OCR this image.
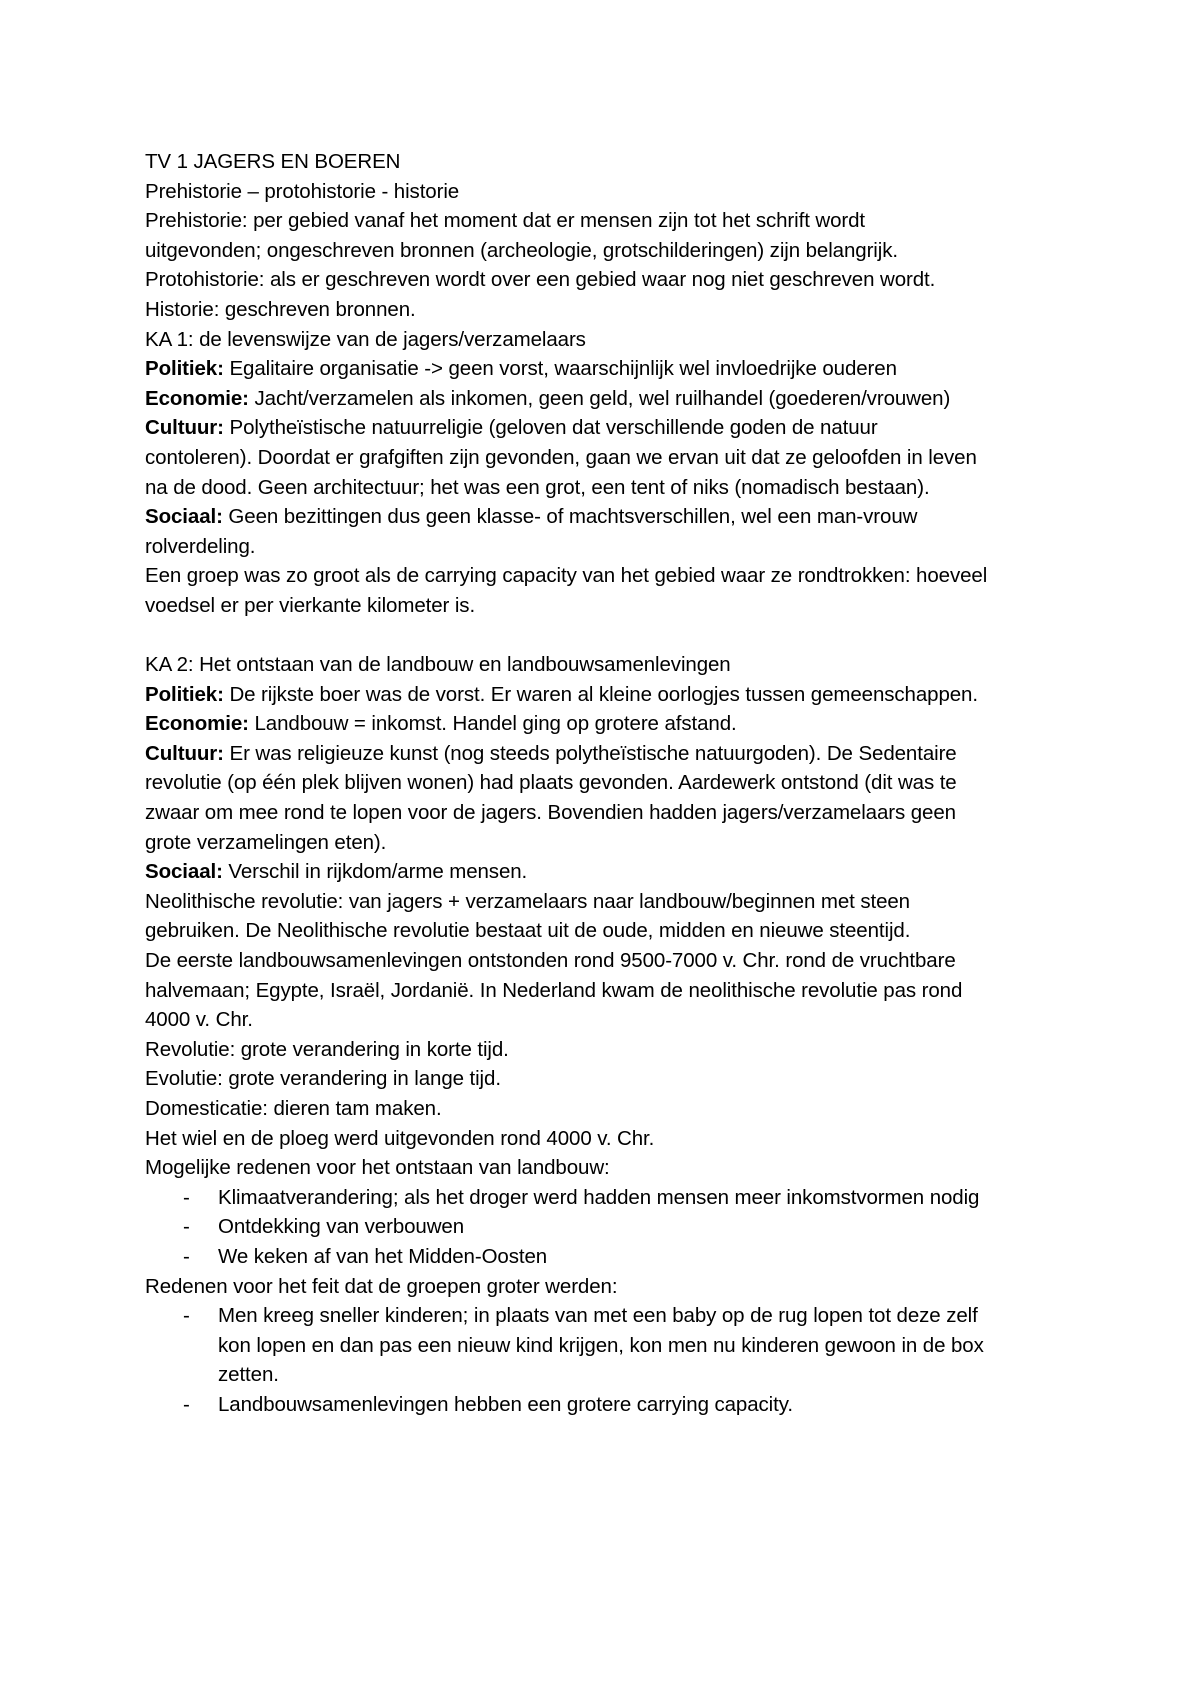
TV 1 JAGERS EN BOEREN
Prehistorie – protohistorie - historie
Prehistorie: per gebied vanaf het moment dat er mensen zijn tot het schrift wordt
uitgevonden; ongeschreven bronnen (archeologie, grotschilderingen) zijn belangrijk.
Protohistorie: als er geschreven wordt over een gebied waar nog niet geschreven wordt.
Historie: geschreven bronnen.
KA 1: de levenswijze van de jagers/verzamelaars
Politiek: Egalitaire organisatie -> geen vorst, waarschijnlijk wel invloedrijke ouderen
Economie: Jacht/verzamelen als inkomen, geen geld, wel ruilhandel (goederen/vrouwen)
Cultuur: Polytheïstische natuurreligie (geloven dat verschillende goden de natuur
contoleren). Doordat er grafgiften zijn gevonden, gaan we ervan uit dat ze geloofden in leven
na de dood. Geen architectuur; het was een grot, een tent of niks (nomadisch bestaan).
Sociaal: Geen bezittingen dus geen klasse- of machtsverschillen, wel een man-vrouw
rolverdeling.
Een groep was zo groot als de carrying capacity van het gebied waar ze rondtrokken: hoeveel
voedsel er per vierkante kilometer is.
KA 2: Het ontstaan van de landbouw en landbouwsamenlevingen
Politiek: De rijkste boer was de vorst. Er waren al kleine oorlogjes tussen gemeenschappen.
Economie: Landbouw = inkomst. Handel ging op grotere afstand.
Cultuur: Er was religieuze kunst (nog steeds polytheïstische natuurgoden). De Sedentaire
revolutie (op één plek blijven wonen) had plaats gevonden. Aardewerk ontstond (dit was te
zwaar om mee rond te lopen voor de jagers. Bovendien hadden jagers/verzamelaars geen
grote verzamelingen eten).
Sociaal: Verschil in rijkdom/arme mensen.
Neolithische revolutie: van jagers + verzamelaars naar landbouw/beginnen met steen
gebruiken. De Neolithische revolutie bestaat uit de oude, midden en nieuwe steentijd.
De eerste landbouwsamenlevingen ontstonden rond 9500-7000 v. Chr. rond de vruchtbare
halvemaan; Egypte, Israël, Jordanië. In Nederland kwam de neolithische revolutie pas rond
4000 v. Chr.
Revolutie: grote verandering in korte tijd.
Evolutie: grote verandering in lange tijd.
Domesticatie: dieren tam maken.
Het wiel en de ploeg werd uitgevonden rond 4000 v. Chr.
Mogelijke redenen voor het ontstaan van landbouw:
- Klimaatverandering; als het droger werd hadden mensen meer inkomstvormen nodig
- Ontdekking van verbouwen
- We keken af van het Midden-Oosten
Redenen voor het feit dat de groepen groter werden:
- Men kreeg sneller kinderen; in plaats van met een baby op de rug lopen tot deze zelf
kon lopen en dan pas een nieuw kind krijgen, kon men nu kinderen gewoon in de box
zetten.
- Landbouwsamenlevingen hebben een grotere carrying capacity.
